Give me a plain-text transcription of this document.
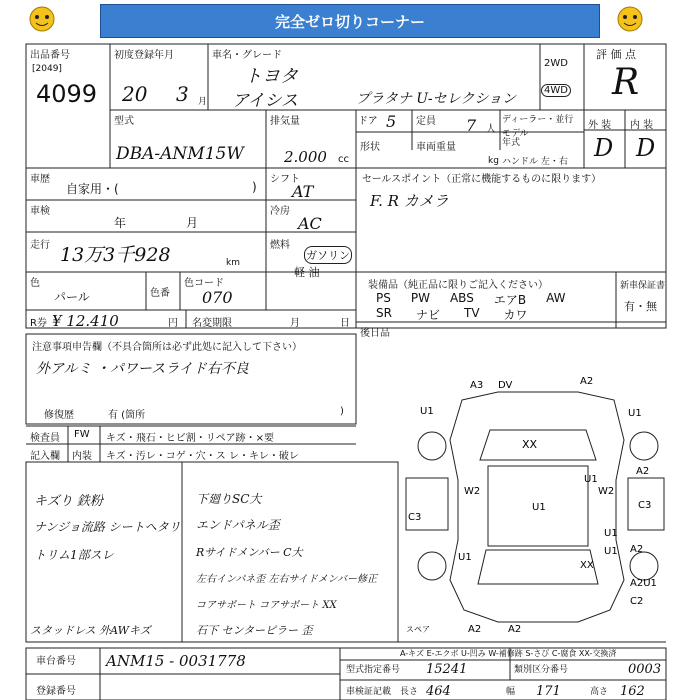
完全ゼロ切りコーナー
出品番号
[2049]
4099
初度登録年月
20 3 月
車名・グレード
トヨタ
アイシス	プラタナ U-セレクション
2WD
4WD
評 価 点
R
外 装 内 装
D D
型式
DBA-ANM15W
排気量
2.000 cc
ドア 5 定員 7 人
ディーラー・並行
モデル年式
形状	車両重量
kg ハンドル 左・右
車歴
自家用・(	)
車検
年	月
走行 13万3千928	km
色
パール	色番
色コード
070
シフト
AT
冷房
AC
燃料
ガソリン
軽 油
R券 ¥ 12.410	円 名変期限	月	日
セールスポイント（正常に機能するものに限ります）
F. R カメラ
装備品（純正品に限りご記入ください）
PS PW ABS エアB AW
SR ナビ TV カワ
新車保証書
有・無
後日品
注意事項申告欄（不具合箇所は必ず此処に記入して下さい）
外アルミ ・パワースライド右不良
修復歴	有 (箇所	)
検査員 FW キズ・飛石・ヒビ割・リペア跡・×要
記入欄 内装 キズ・汚レ・コゲ・穴・ス レ・キレ・破レ
キズり 鉄粉
ナンジョ流路 シートヘタリ
トリム1部スレ
スタッドレス 外AWキズ
下廻りSC大
エンドパネル歪
Rサイドメンバー C大
左右インパネ歪 左右サイドメンバー修正
コアサポート コアサポート XX
石下 センターピラー 歪
A3 DV	A2
U1	U1
XX
W2
U1
W2
C3
U1
A2
C3
U1
U1
U1
XX
A2
A2U1
C2
A2	A2
スペア
A-キズ E-エクボ U-凹み W-補修跡 S-さび C-腐食 XX-交換済
車台番号 ANM15 - 0031778
登録番号
型式指定番号 15241	類別区分番号	0003
車検証記載 長さ 464	幅 171	高さ 162
